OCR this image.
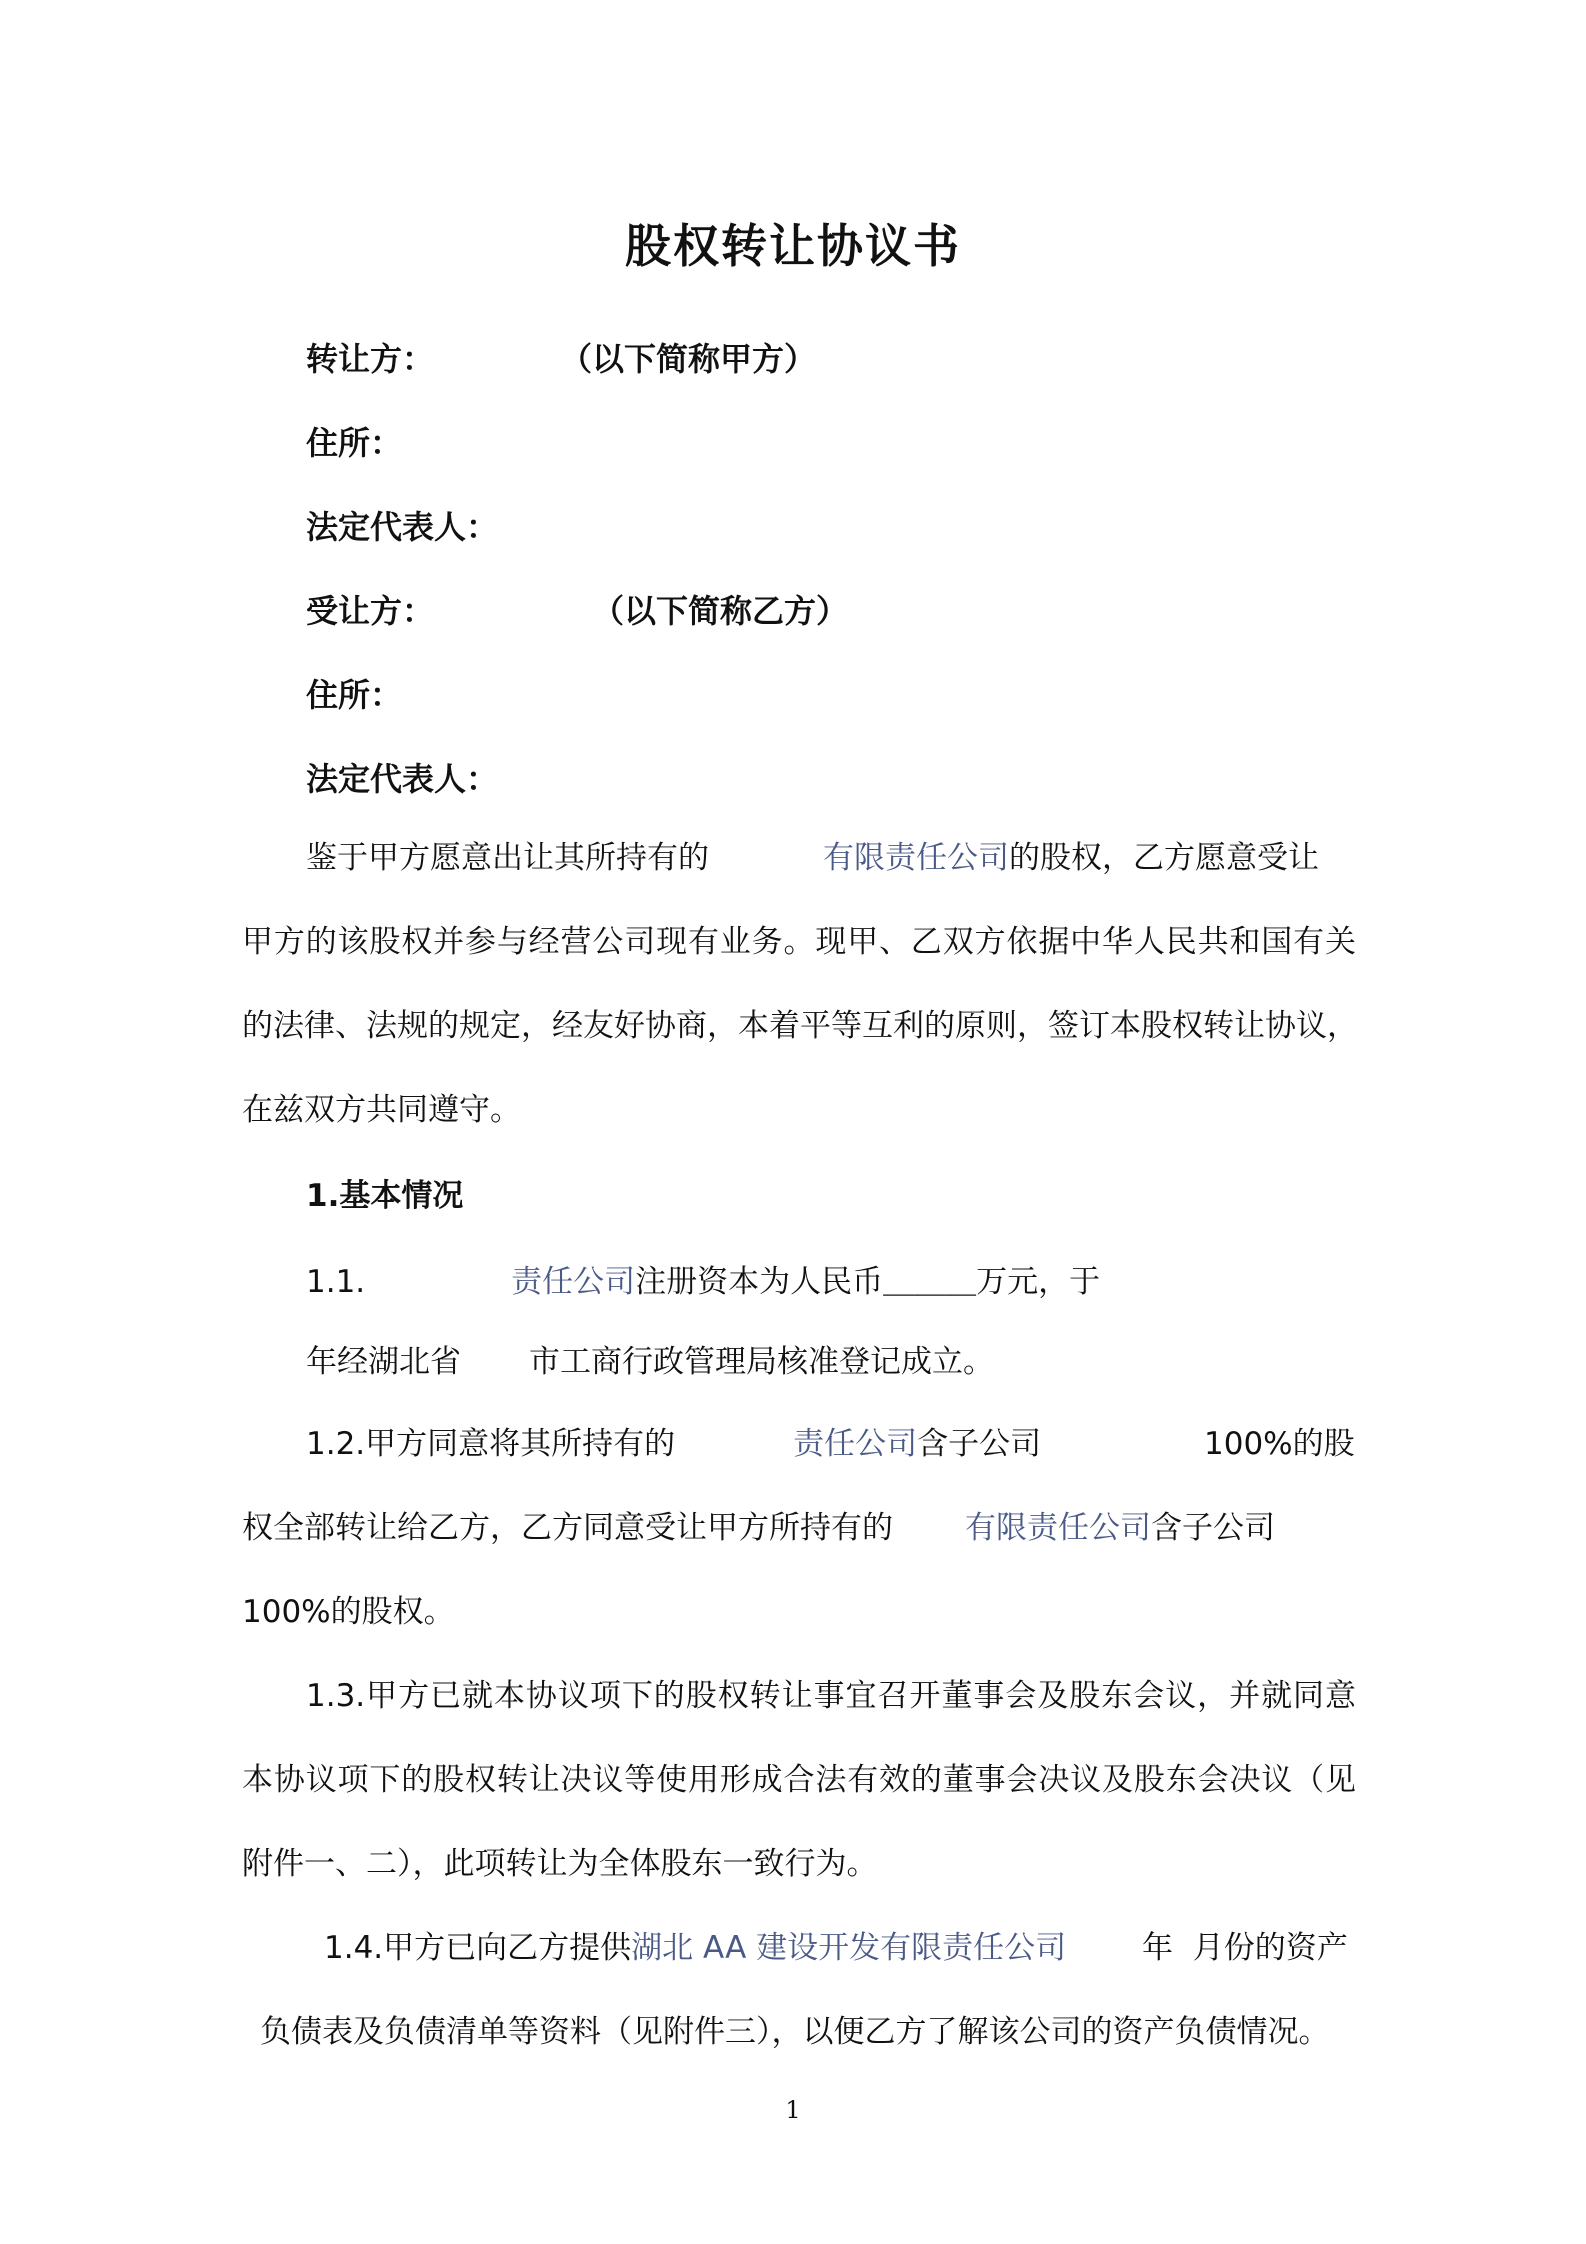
股权转让协议书
转让方：	（以下简称甲方）
住所：
法定代表人：
受让方：	（以下简称乙方）
住所：
法定代表人：
鉴于甲方愿意出让其所持有的	有限责任公司的股权，乙方愿意受让
甲方的该股权并参与经营公司现有业务。现甲、乙双方依据中华人民共和国有关
的法律、法规的规定，经友好协商，本着平等互利的原则，签订本股权转让协议，
在兹双方共同遵守。
1.基本情况
1.1.	责任公司注册资本为人民币＿＿＿万元，于
年经湖北省 市工商行政管理局核准登记成立。
1.2.甲方同意将其所持有的	责任公司含子公司	100%的股
权全部转让给乙方，乙方同意受让甲方所持有的 有限责任公司含子公司
100%的股权。
1.3.甲方已就本协议项下的股权转让事宜召开董事会及股东会议，并就同意
本协议项下的股权转让决议等使用形成合法有效的董事会决议及股东会决议（见
附件一、二），此项转让为全体股东一致行为。
1.4.甲方已向乙方提供湖北 AA 建设开发有限责任公司 年  月份的资产
负债表及负债清单等资料（见附件三），以便乙方了解该公司的资产负债情况。
1
